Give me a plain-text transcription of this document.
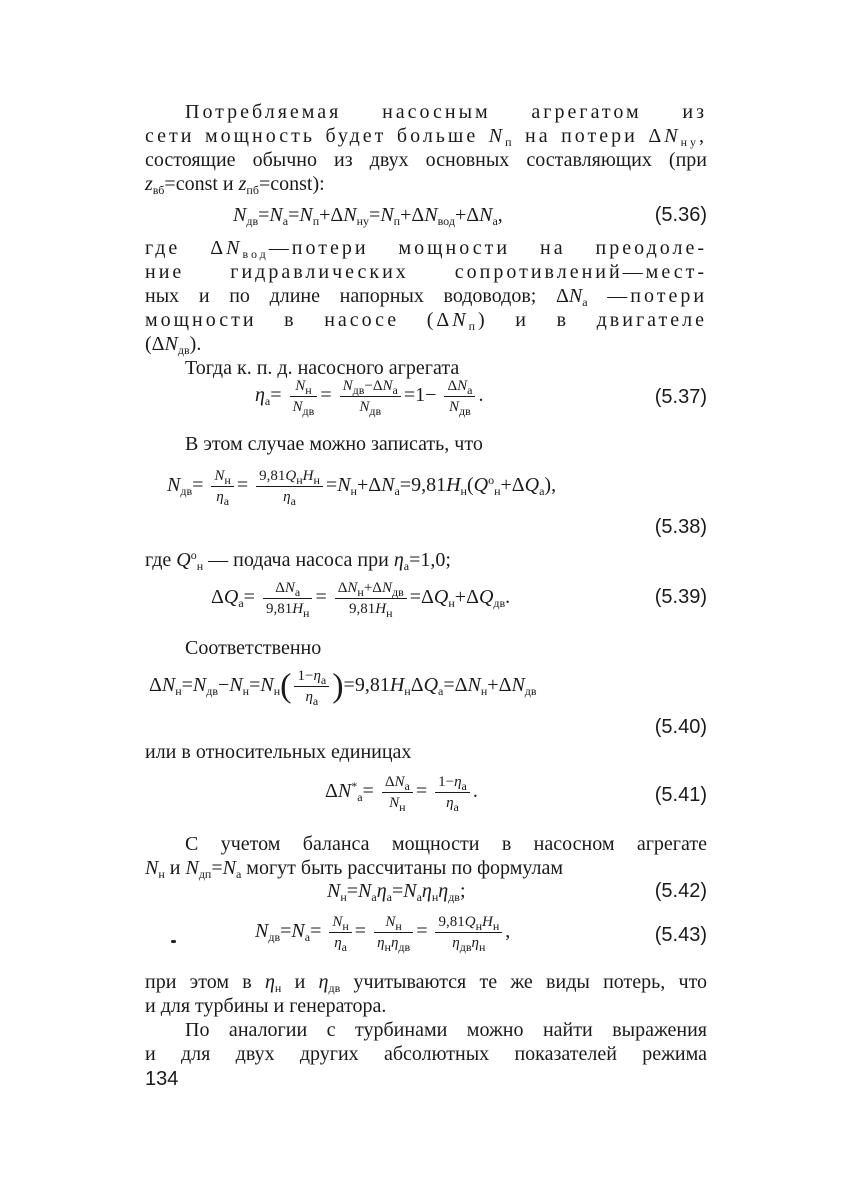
Потребляемая насосным агрегатом из
сети мощность будет больше $N_п$ на потери $\Delta N_{ну}$,
состоящие обычно из двух основных составляющих (при
$z_{вб}=const$ и $z_{пб}=const$):
$N_{дв}=N_а=N_п+\Delta N_{ну}=N_п+\Delta N_{вод}+\Delta N_а$,	(5.36)
где $\Delta N_{вод}—потери$ мощности на преодоле-
ние гидравлических сопротивлений—мест-
ных и по длине напорных водоводов; $\Delta N_а$ —потери
мощности в насосе $(\Delta N_п)$ и в двигателе
$(\Delta N_{дв})$.
Тогда к. п. д. насосного агрегата
$\eta_а= \frac{N_н}{N_{дв}} = \frac{N_{дв}-\Delta N_а}{N_{дв}} =1- \frac{\Delta N_а}{N_{дв}}$ .	(5.37)
В этом случае можно записать, что
$N_{дв}= \frac{N_н}{\eta_а} = \frac{9,81Q_нH_н}{\eta_а} =N_н+\Delta N_а=9,81H_н(Q^о_н+\Delta Q_а)$,
(5.38)
где $Q^о_н$ — подача насоса при $\eta_а=1,0$;
$\Delta Q_а= \frac{\Delta N_а}{9,81H_н} = \frac{\Delta N_н+\Delta N_{дв}}{9,81H_н} =\Delta Q_н+\Delta Q_{дв}$.	(5.39)
Соответственно
$\Delta N_н=N_{дв}-N_н=N_н( \frac{1-\eta_а}{\eta_а} )=9,81H_н\Delta Q_а=\Delta N_н+\Delta N_{дв}$
(5.40)
или в относительных единицах
$\Delta N^*_а= \frac{\Delta N_а}{N_н} = \frac{1-\eta_а}{\eta_а}$ .	(5.41)
С учетом баланса мощности в насосном агрегате
$N_н$ и $N_{дп}=N_а$ могут быть рассчитаны по формулам
$N_н=N_а\eta_а=N_а\eta_н\eta_{дв}$;	(5.42)
$N_{дв}=N_а= \frac{N_н}{\eta_а} = \frac{N_н}{\eta_н\eta_{дв}} = \frac{9,81Q_нH_н}{\eta_{дв}\eta_н}$ ,	(5.43)
при этом в $\eta_н$ и $\eta_{дв}$ учитываются те же виды потерь, что
и для турбины и генератора.
По аналогии с турбинами можно найти выражения
и для двух других абсолютных показателей режима
134
